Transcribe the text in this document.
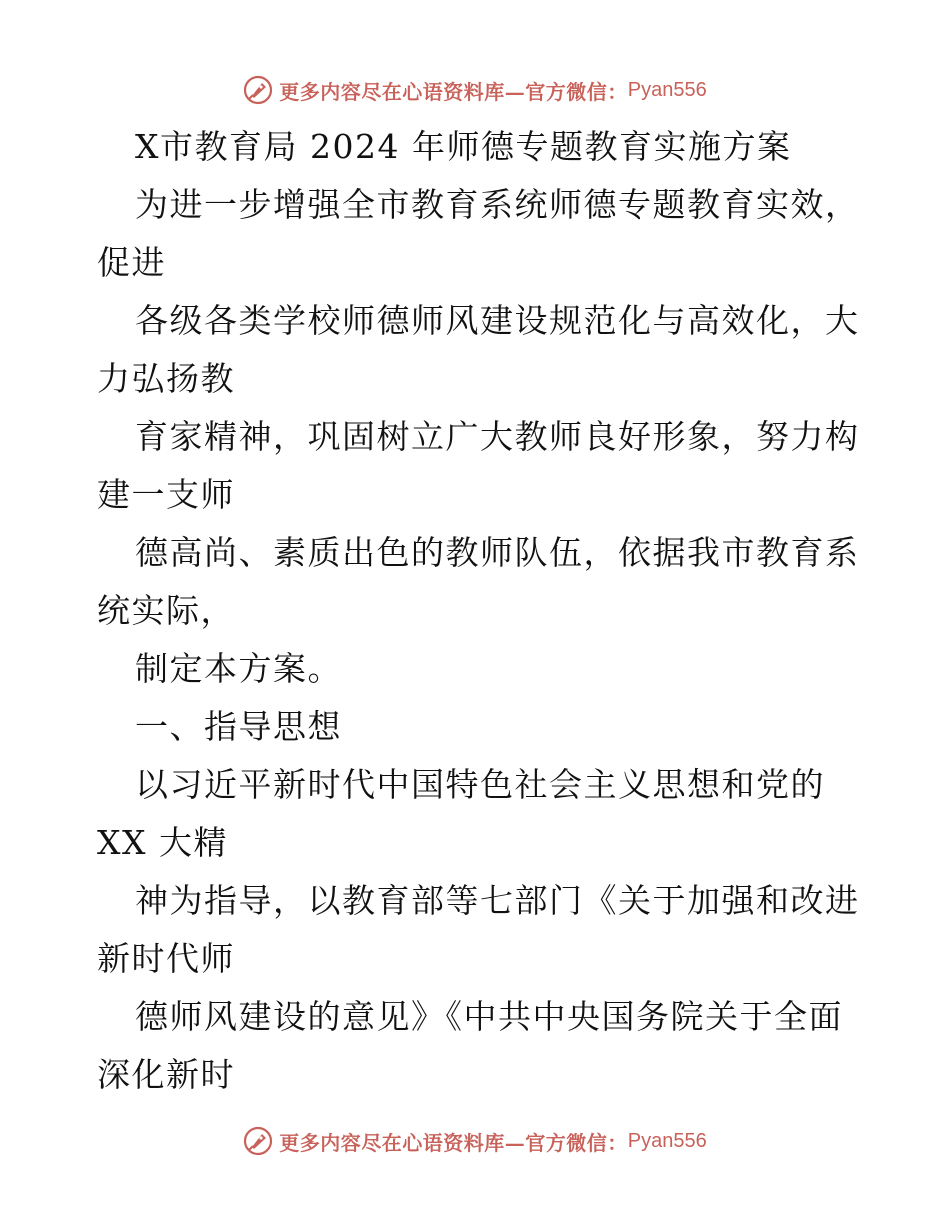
更多内容尽在心语资料库—官方微信： Pyan556
X市教育局 2024 年师德专题教育实施方案
为进一步增强全市教育系统师德专题教育实效，
促进
各级各类学校师德师风建设规范化与高效化，大
力弘扬教
育家精神，巩固树立广大教师良好形象，努力构
建一支师
德高尚、素质出色的教师队伍，依据我市教育系
统实际，
制定本方案。
一、指导思想
以习近平新时代中国特色社会主义思想和党的
XX 大精
神为指导，以教育部等七部门《关于加强和改进
新时代师
德师风建设的意见》《中共中央国务院关于全面
深化新时
更多内容尽在心语资料库—官方微信： Pyan556
